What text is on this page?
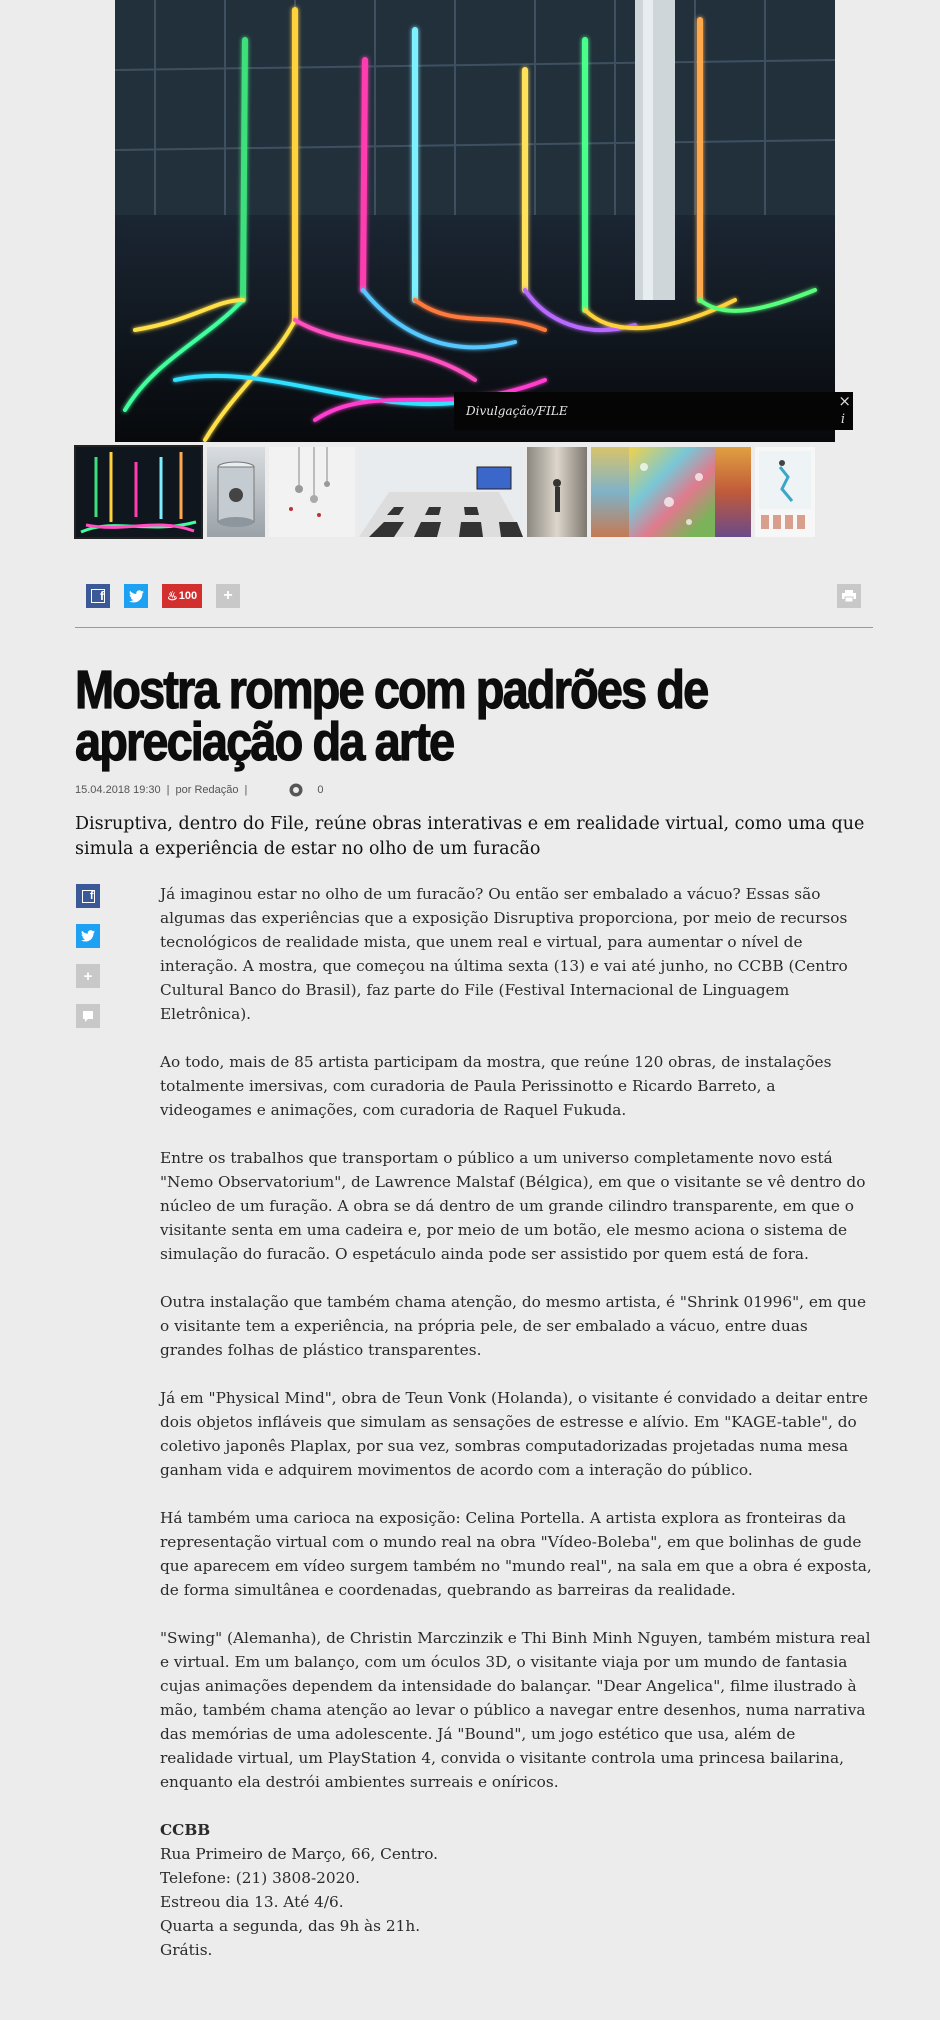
Divulgação/FILE
×
i
f	♨ 100 +
Mostra rompe com padrões de apreciação da arte
15.04.2018 19:30 | por Redação |	0

Disruptiva, dentro do File, reúne obras interativas e em realidade virtual, como uma que simula a experiência de estar no olho de um furacão

f
+

Já imaginou estar no olho de um furacão? Ou então ser embalado a vácuo? Essas são algumas das experiências que a exposição Disruptiva proporciona, por meio de recursos tecnológicos de realidade mista, que unem real e virtual, para aumentar o nível de interação. A mostra, que começou na última sexta (13) e vai até junho, no CCBB (Centro Cultural Banco do Brasil), faz parte do File (Festival Internacional de Linguagem Eletrônica).

Ao todo, mais de 85 artista participam da mostra, que reúne 120 obras, de instalações totalmente imersivas, com curadoria de Paula Perissinotto e Ricardo Barreto, a videogames e animações, com curadoria de Raquel Fukuda.

Entre os trabalhos que transportam o público a um universo completamente novo está "Nemo Observatorium", de Lawrence Malstaf (Bélgica), em que o visitante se vê dentro do núcleo de um furação. A obra se dá dentro de um grande cilindro transparente, em que o visitante senta em uma cadeira e, por meio de um botão, ele mesmo aciona o sistema de simulação do furacão. O espetáculo ainda pode ser assistido por quem está de fora.

Outra instalação que também chama atenção, do mesmo artista, é "Shrink 01996", em que o visitante tem a experiência, na própria pele, de ser embalado a vácuo, entre duas grandes folhas de plástico transparentes.

Já em "Physical Mind", obra de Teun Vonk (Holanda), o visitante é convidado a deitar entre dois objetos infláveis que simulam as sensações de estresse e alívio. Em "KAGE-table", do coletivo japonês Plaplax, por sua vez, sombras computadorizadas projetadas numa mesa ganham vida e adquirem movimentos de acordo com a interação do público.

Há também uma carioca na exposição: Celina Portella. A artista explora as fronteiras da representação virtual com o mundo real na obra "Vídeo-Boleba", em que bolinhas de gude que aparecem em vídeo surgem também no "mundo real", na sala em que a obra é exposta, de forma simultânea e coordenadas, quebrando as barreiras da realidade.

"Swing" (Alemanha), de Christin Marczinzik e Thi Binh Minh Nguyen, também mistura real e virtual. Em um balanço, com um óculos 3D, o visitante viaja por um mundo de fantasia cujas animações dependem da intensidade do balançar. "Dear Angelica", filme ilustrado à mão, também chama atenção ao levar o público a navegar entre desenhos, numa narrativa das memórias de uma adolescente. Já "Bound", um jogo estético que usa, além de realidade virtual, um PlayStation 4, convida o visitante controla uma princesa bailarina, enquanto ela destrói ambientes surreais e oníricos.

CCBB
Rua Primeiro de Março, 66, Centro.
Telefone: (21) 3808-2020.
Estreou dia 13. Até 4/6.
Quarta a segunda, das 9h às 21h.
Grátis.
